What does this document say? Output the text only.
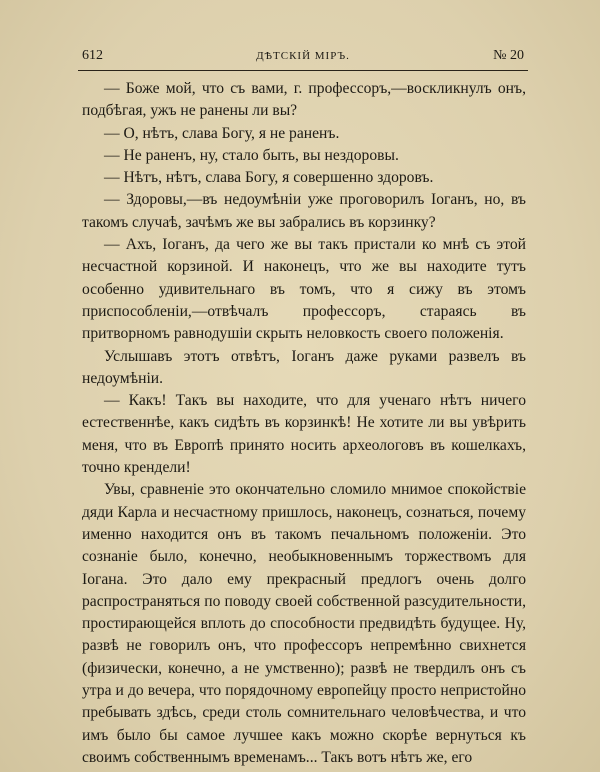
612	ДѢТСКІЙ МІРЪ.	№ 20

— Боже мой, что съ вами, г. профессоръ,—воскликнулъ онъ, подбѣгая, ужъ не ранены ли вы?

— О, нѣтъ, слава Богу, я не раненъ.

— Не раненъ, ну, стало быть, вы нездоровы.

— Нѣтъ, нѣтъ, слава Богу, я совершенно здоровъ.

— Здоровы,—въ недоумѣніи уже проговорилъ Іоганъ, но, въ такомъ случаѣ, зачѣмъ же вы забрались въ корзинку?

— Ахъ, Іоганъ, да чего же вы такъ пристали ко мнѣ съ этой несчастной корзиной. И наконецъ, что же вы находите тутъ особенно удивительнаго въ томъ, что я сижу въ этомъ приспособленіи,—отвѣчалъ профессоръ, стараясь въ притворномъ равнодушіи скрыть неловкость своего положенія.

Услышавъ этотъ отвѣтъ, Іоганъ даже руками развелъ въ недоумѣніи.

— Какъ! Такъ вы находите, что для ученаго нѣтъ ничего естественнѣе, какъ сидѣть въ корзинкѣ! Не хотите ли вы увѣрить меня, что въ Европѣ принято носить археологовъ въ кошелкахъ, точно крендели!

Увы, сравненіе это окончательно сломило мнимое спокойствіе дяди Карла и несчастному пришлось, наконецъ, сознаться, почему именно находится онъ въ такомъ печальномъ положеніи. Это сознаніе было, конечно, необыкновеннымъ торжествомъ для Іогана. Это дало ему прекрасный предлогъ очень долго распространяться по поводу своей собственной разсудительности, простирающейся вплоть до способности предвидѣть будущее. Ну, развѣ не говорилъ онъ, что профессоръ непремѣнно свихнется (физически, конечно, а не умственно); развѣ не твердилъ онъ съ утра и до вечера, что порядочному европейцу просто непристойно пребывать здѣсь, среди столь сомнительнаго человѣчества, и что имъ было бы самое лучшее какъ можно скорѣе вернуться къ своимъ собственнымъ временамъ... Такъ вотъ нѣтъ же, его
